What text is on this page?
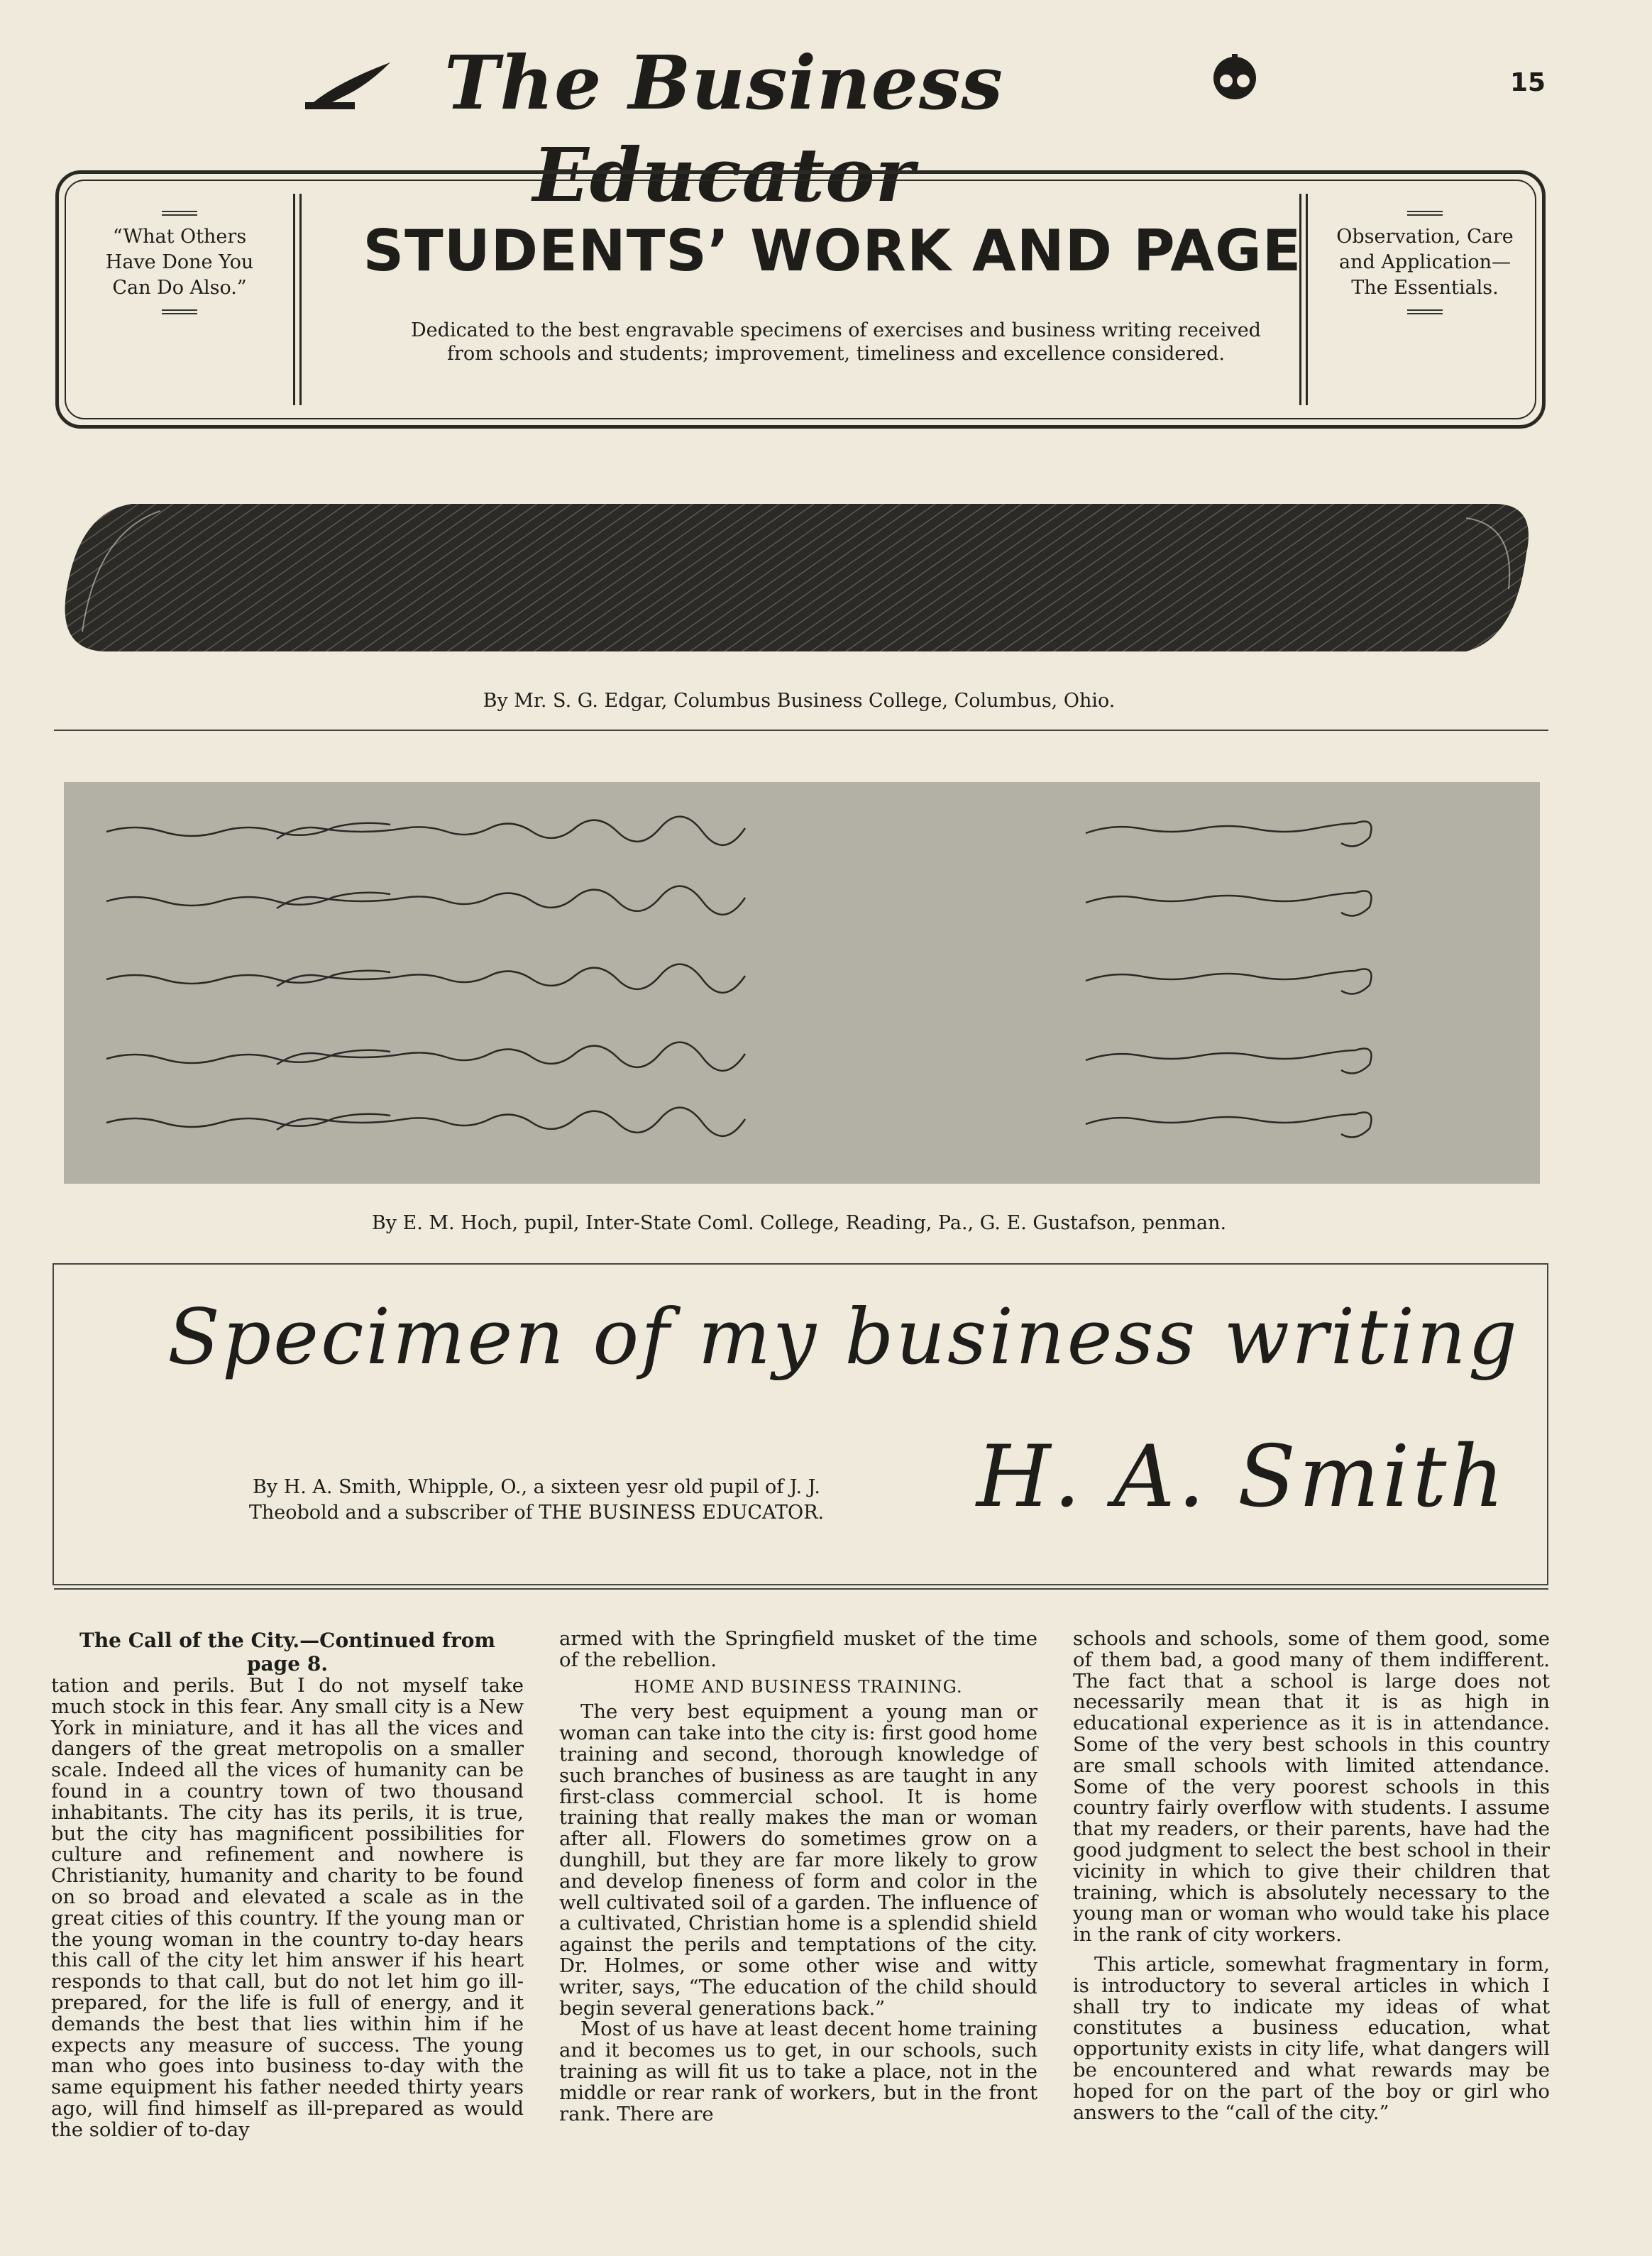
The Business Educator
15
“What Others Have Done You Can Do Also.”
STUDENTS’ WORK AND PAGE
Dedicated to the best engravable specimens of exercises and business writing received from schools and students; improvement, timeliness and excellence considered.
Observation, Care and Application—The Essentials.
By Mr. S. G. Edgar, Columbus Business College, Columbus, Ohio.
By E. M. Hoch, pupil, Inter-State Coml. College, Reading, Pa., G. E. Gustafson, penman.
Specimen of my business writing
By H. A. Smith, Whipple, O., a sixteen yesr old pupil of J. J.
Theobold and a subscriber of THE BUSINESS EDUCATOR.	H. A. Smith
The Call of the City.—Continued from page 8.

tation and perils. But I do not myself take much stock in this fear. Any small city is a New York in miniature, and it has all the vices and dangers of the great metropolis on a smaller scale. Indeed all the vices of humanity can be found in a country town of two thousand inhabitants. The city has its perils, it is true, but the city has magnificent possibilities for culture and refinement and nowhere is Christianity, humanity and charity to be found on so broad and elevated a scale as in the great cities of this country. If the young man or the young woman in the country to-day hears this call of the city let him answer if his heart responds to that call, but do not let him go ill-prepared, for the life is full of energy, and it demands the best that lies within him if he expects any measure of success. The young man who goes into business to-day with the same equipment his father needed thirty years ago, will find himself as ill-prepared as would the soldier of to-day

armed with the Springfield musket of the time of the rebellion.

HOME AND BUSINESS TRAINING.

The very best equipment a young man or woman can take into the city is: first good home training and second, thorough knowledge of such branches of business as are taught in any first-class commercial school. It is home training that really makes the man or woman after all. Flowers do sometimes grow on a dunghill, but they are far more likely to grow and develop fineness of form and color in the well cultivated soil of a garden. The influence of a cultivated, Christian home is a splendid shield against the perils and temptations of the city. Dr. Holmes, or some other wise and witty writer, says, “The education of the child should begin several generations back.”

Most of us have at least decent home training and it becomes us to get, in our schools, such training as will fit us to take a place, not in the middle or rear rank of workers, but in the front rank. There are

schools and schools, some of them good, some of them bad, a good many of them indifferent. The fact that a school is large does not necessarily mean that it is as high in educational experience as it is in attendance. Some of the very best schools in this country are small schools with limited attendance. Some of the very poorest schools in this country fairly overflow with students. I assume that my readers, or their parents, have had the good judgment to select the best school in their vicinity in which to give their children that training, which is absolutely necessary to the young man or woman who would take his place in the rank of city workers.

This article, somewhat fragmentary in form, is introductory to several articles in which I shall try to indicate my ideas of what constitutes a business education, what opportunity exists in city life, what dangers will be encountered and what rewards may be hoped for on the part of the boy or girl who answers to the “call of the city.”
